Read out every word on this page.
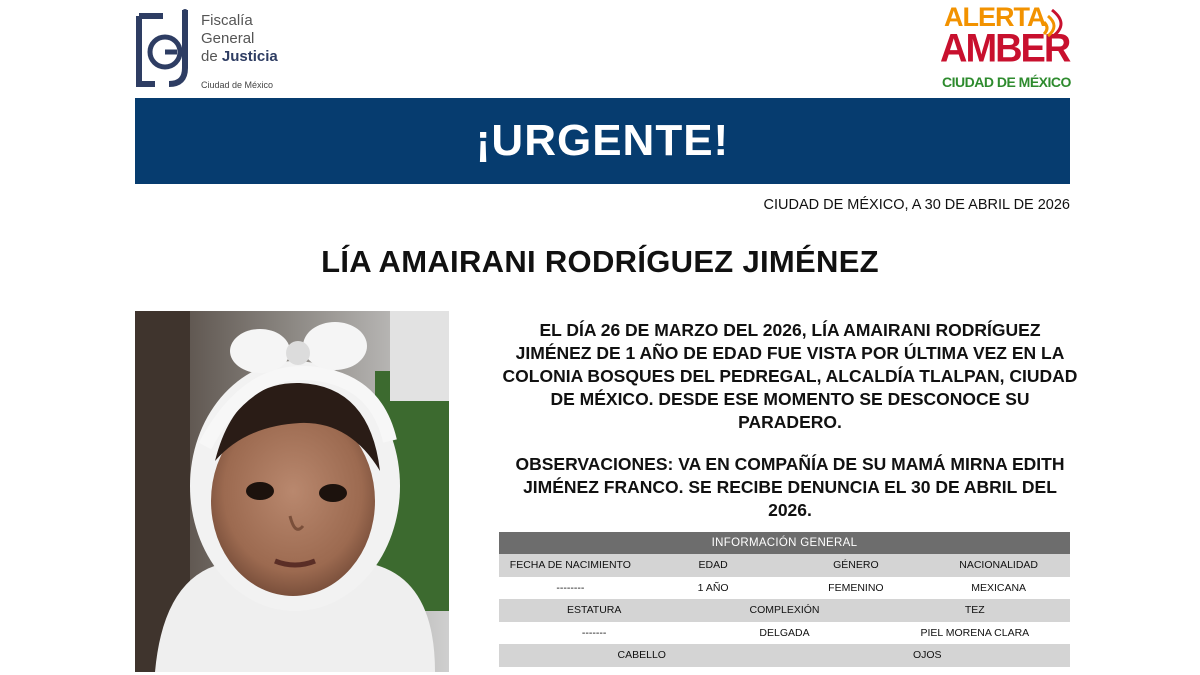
Fiscalía
General
de Justicia
Ciudad de México
ALERTA
AMBER
CIUDAD DE MÉXICO
¡URGENTE!
CIUDAD DE MÉXICO, A 30 DE ABRIL DE 2026
LÍA AMAIRANI RODRÍGUEZ JIMÉNEZ
EL DÍA 26 DE MARZO DEL 2026, LÍA AMAIRANI RODRÍGUEZ JIMÉNEZ DE 1 AÑO DE EDAD FUE VISTA POR ÚLTIMA VEZ EN LA COLONIA BOSQUES DEL PEDREGAL, ALCALDÍA TLALPAN, CIUDAD DE MÉXICO. DESDE ESE MOMENTO SE DESCONOCE SU PARADERO.
OBSERVACIONES: VA EN COMPAÑÍA DE SU MAMÁ MIRNA EDITH JIMÉNEZ FRANCO. SE RECIBE DENUNCIA EL 30 DE ABRIL DEL 2026.
INFORMACIÓN GENERAL
FECHA DE NACIMIENTO	EDAD	GÉNERO	NACIONALIDAD
--------	1 AÑO	FEMENINO	MEXICANA
ESTATURA	COMPLEXIÓN	TEZ
-------	DELGADA	PIEL MORENA CLARA
CABELLO	OJOS
